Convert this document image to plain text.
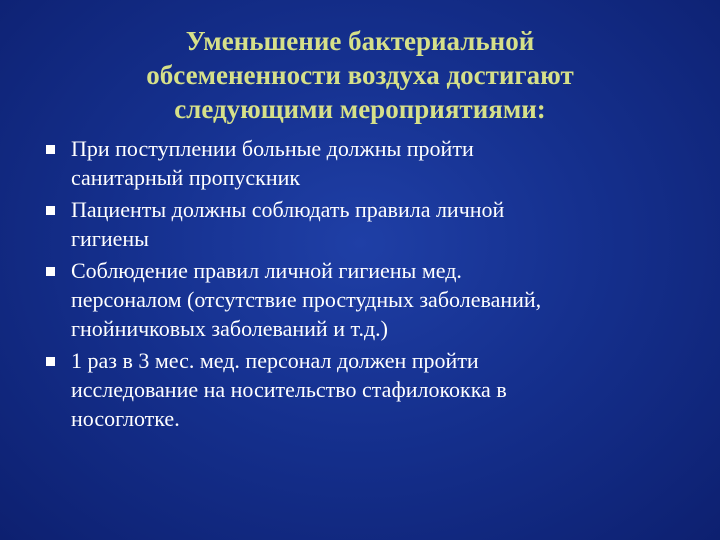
Уменьшение бактериальной
обсемененности воздуха достигают
следующими мероприятиями:
При поступлении больные должны пройти
санитарный пропускник
Пациенты должны соблюдать правила личной
гигиены
Соблюдение правил личной гигиены мед.
персоналом (отсутствие простудных заболеваний,
гнойничковых заболеваний и т.д.)
1 раз в 3 мес. мед. персонал должен пройти
исследование на носительство стафилококка в
носоглотке.
